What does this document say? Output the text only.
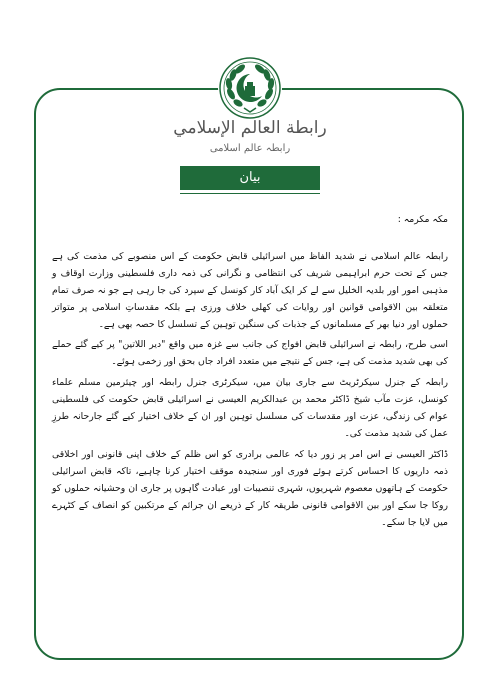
رابطة العالم الإسلامي
رابطہ عالم اسلامی
بیان

مکہ مکرمہ :

رابطہ عالم اسلامی نے شدید الفاظ میں اسرائیلی قابض حکومت کے اس منصوبے کی مذمت کی ہے جس کے تحت حرم ابراہیمی شریف کی انتظامی و نگرانی کی ذمہ داری فلسطینی وزارت اوقاف و مذہبی امور اور بلدیہ الخلیل سے لے کر ایک آباد کار کونسل کے سپرد کی جا رہی ہے جو نہ صرف تمام متعلقہ بین الاقوامی قوانین اور روایات کی کھلی خلاف ورزی ہے بلکہ مقدساتِ اسلامی پر متواتر حملوں اور دنیا بھر کے مسلمانوں کے جذبات کی سنگین توہین کے تسلسل کا حصہ بھی ہے۔

اسی طرح، رابطہ نے اسرائیلی قابض افواج کی جانب سے غزہ میں واقع "دیر اللاتین" پر کیے گئے حملے کی بھی شدید مذمت کی ہے، جس کے نتیجے میں متعدد افراد جاں بحق اور زخمی ہوئے۔

رابطہ کے جنرل سیکرٹریٹ سے جاری بیان میں، سیکرٹری جنرل رابطہ اور چیئرمین مسلم علماء کونسل، عزت مآب شیخ ڈاکٹر محمد بن عبدالکریم العیسی نے اسرائیلی قابض حکومت کی فلسطینی عوام کی زندگی، عزت اور مقدسات کی مسلسل توہین اور ان کے خلاف اختیار کیے گئے جارحانہ طرزِ عمل کی شدید مذمت کی۔

ڈاکٹر العیسی نے اس امر پر زور دیا کہ عالمی برادری کو اس ظلم کے خلاف اپنی قانونی اور اخلاقی ذمہ داریوں کا احساس کرتے ہوئے فوری اور سنجیدہ موقف اختیار کرنا چاہیے، تاکہ قابض اسرائیلی حکومت کے ہاتھوں معصوم شہریوں، شہری تنصیبات اور عبادت گاہوں پر جاری ان وحشیانہ حملوں کو روکا جا سکے اور بین الاقوامی قانونی طریقہ کار کے ذریعے ان جرائم کے مرتکبین کو انصاف کے کٹہرے میں لایا جا سکے۔
